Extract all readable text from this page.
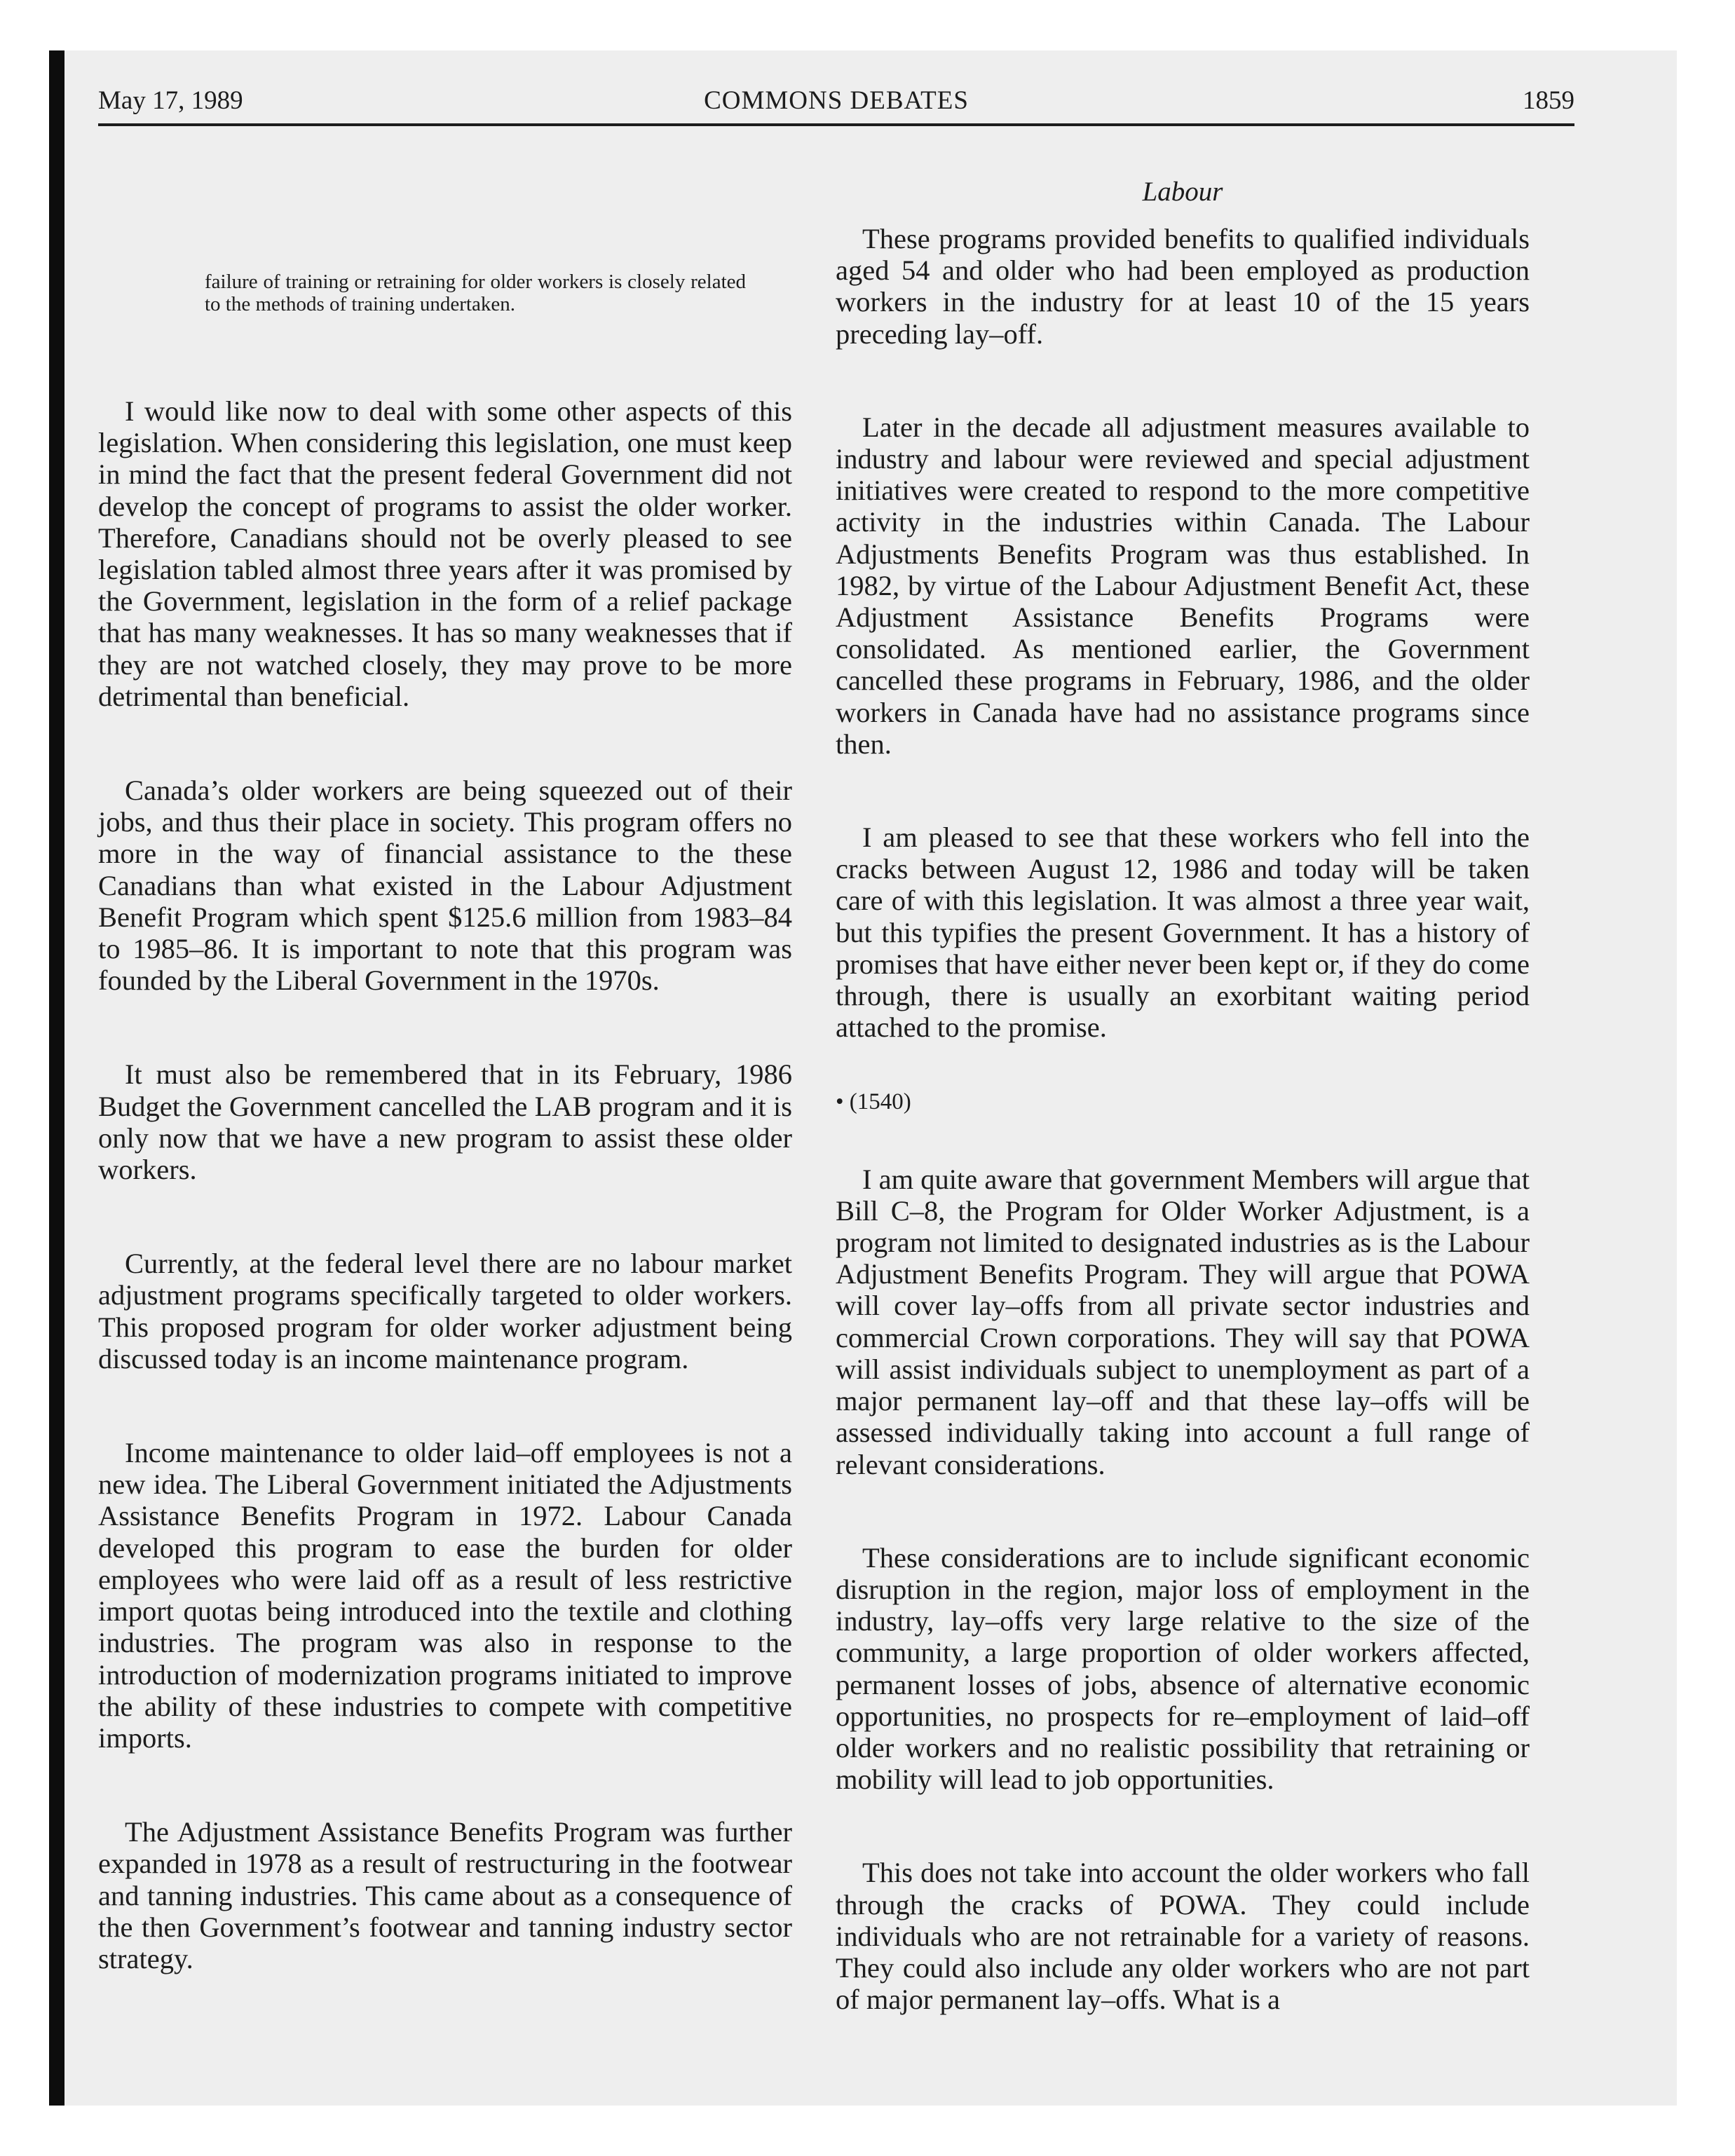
May 17, 1989	COMMONS DEBATES	1859

failure of training or retraining for older workers is closely related to the methods of training undertaken.

I would like now to deal with some other aspects of this legislation. When considering this legislation, one must keep in mind the fact that the present federal Government did not develop the concept of programs to assist the older worker. Therefore, Canadians should not be overly pleased to see legislation tabled almost three years after it was promised by the Government, legislation in the form of a relief package that has many weaknesses. It has so many weaknesses that if they are not watched closely, they may prove to be more detrimental than beneficial.

Canada’s older workers are being squeezed out of their jobs, and thus their place in society. This program offers no more in the way of financial assistance to the these Canadians than what existed in the Labour Adjustment Benefit Program which spent $125.6 million from 1983–84 to 1985–86. It is important to note that this program was founded by the Liberal Government in the 1970s.

It must also be remembered that in its February, 1986 Budget the Government cancelled the LAB program and it is only now that we have a new program to assist these older workers.

Currently, at the federal level there are no labour market adjustment programs specifically targeted to older workers. This proposed program for older worker adjustment being discussed today is an income maintenance program.

Income maintenance to older laid–off employees is not a new idea. The Liberal Government initiated the Adjustments Assistance Benefits Program in 1972. Labour Canada developed this program to ease the burden for older employees who were laid off as a result of less restrictive import quotas being introduced into the textile and clothing industries. The program was also in response to the introduction of modernization programs initiated to improve the ability of these industries to compete with competitive imports.

The Adjustment Assistance Benefits Program was further expanded in 1978 as a result of restructuring in the footwear and tanning industries. This came about as a consequence of the then Government’s footwear and tanning industry sector strategy.

Labour

These programs provided benefits to qualified individuals aged 54 and older who had been employed as production workers in the industry for at least 10 of the 15 years preceding lay–off.

Later in the decade all adjustment measures available to industry and labour were reviewed and special adjustment initiatives were created to respond to the more competitive activity in the industries within Canada. The Labour Adjustments Benefits Program was thus established. In 1982, by virtue of the Labour Adjustment Benefit Act, these Adjustment Assistance Benefits Programs were consolidated. As mentioned earlier, the Government cancelled these programs in February, 1986, and the older workers in Canada have had no assistance programs since then.

I am pleased to see that these workers who fell into the cracks between August 12, 1986 and today will be taken care of with this legislation. It was almost a three year wait, but this typifies the present Government. It has a history of promises that have either never been kept or, if they do come through, there is usually an exorbitant waiting period attached to the promise.

• (1540)

I am quite aware that government Members will argue that Bill C–8, the Program for Older Worker Adjustment, is a program not limited to designated industries as is the Labour Adjustment Benefits Program. They will argue that POWA will cover lay–offs from all private sector industries and commercial Crown corporations. They will say that POWA will assist individuals subject to unemployment as part of a major permanent lay–off and that these lay–offs will be assessed individually taking into account a full range of relevant considerations.

These considerations are to include significant economic disruption in the region, major loss of employment in the industry, lay–offs very large relative to the size of the community, a large proportion of older workers affected, permanent losses of jobs, absence of alternative economic opportunities, no prospects for re–employment of laid–off older workers and no realistic possibility that retraining or mobility will lead to job opportunities.

This does not take into account the older workers who fall through the cracks of POWA. They could include individuals who are not retrainable for a variety of reasons. They could also include any older workers who are not part of major permanent lay–offs. What is a
